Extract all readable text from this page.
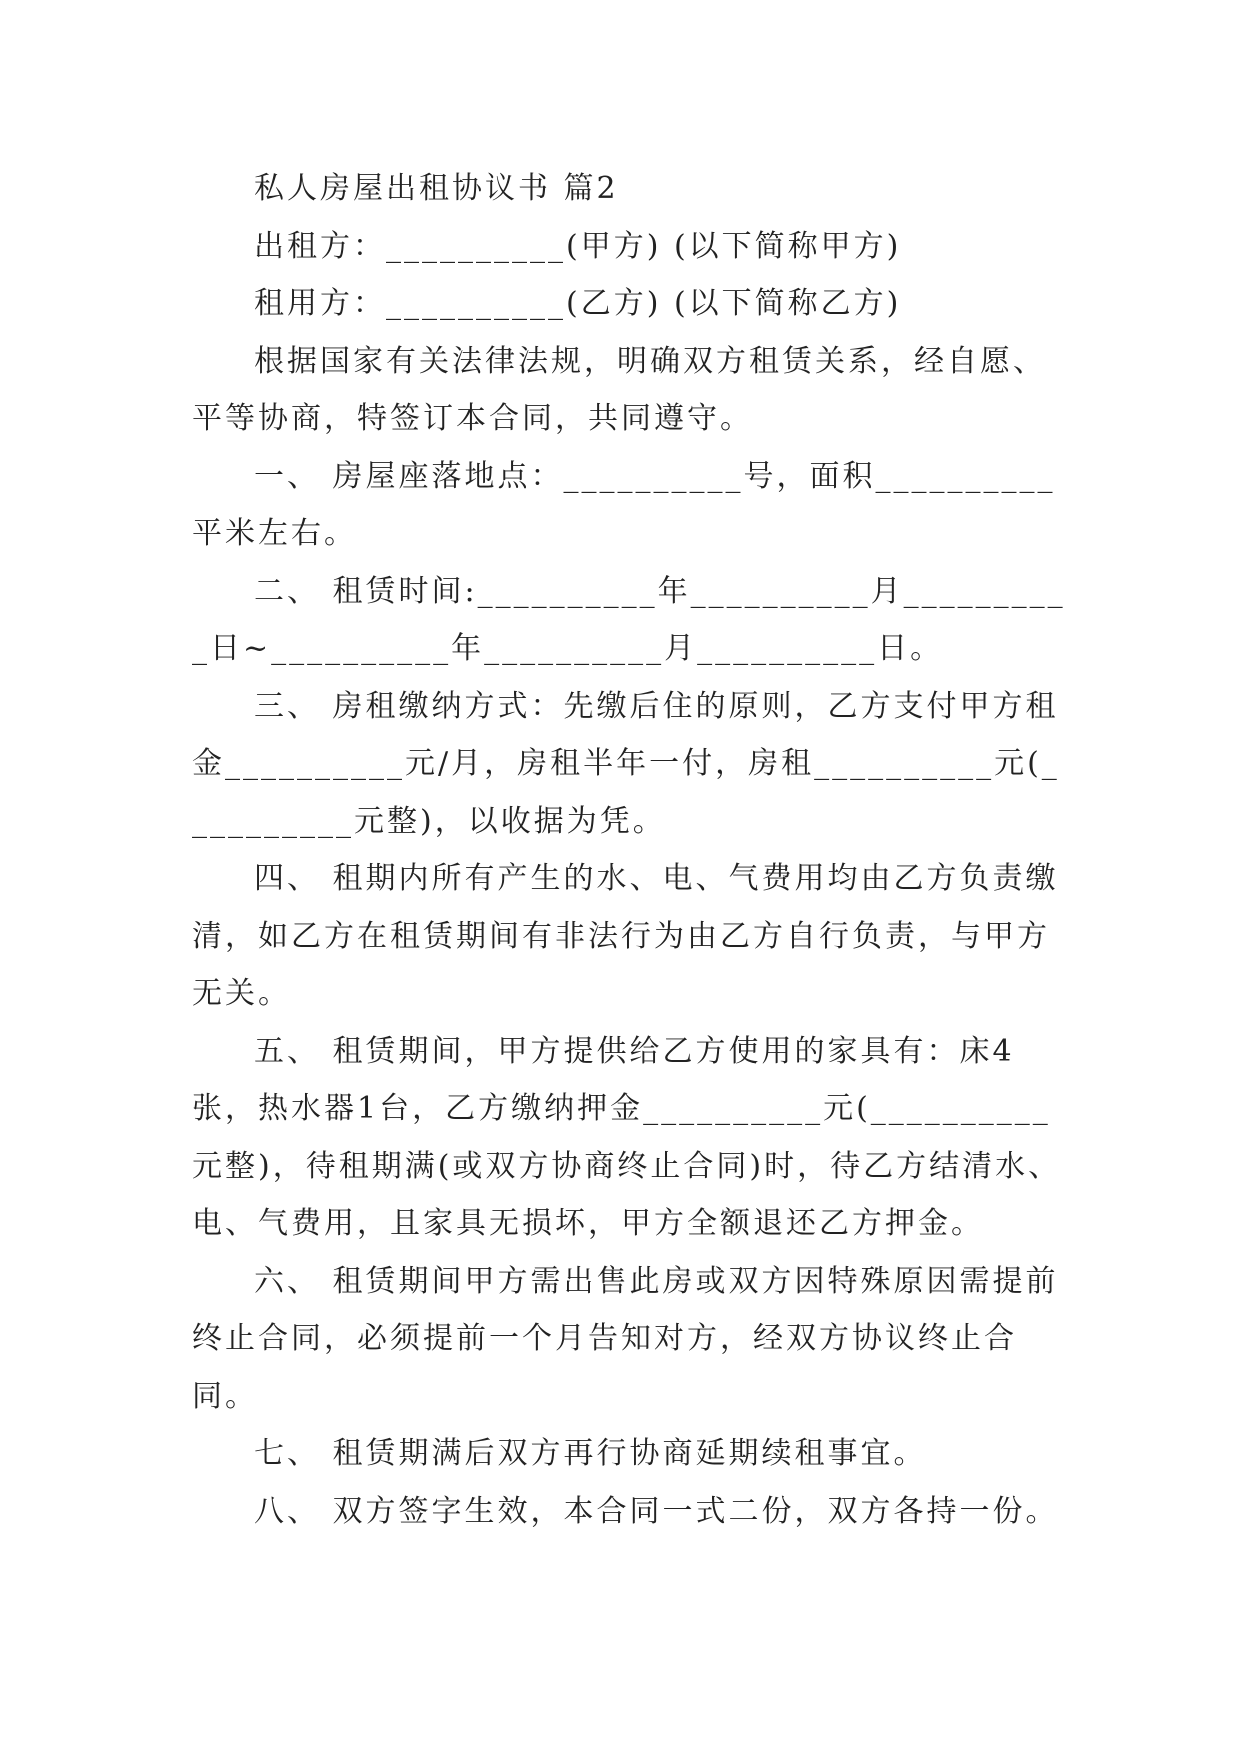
私人房屋出租协议书 篇2

出租方：__________(甲方) (以下简称甲方)

租用方：__________(乙方) (以下简称乙方)

根据国家有关法律法规，明确双方租赁关系，经自愿、平等协商，特签订本合同，共同遵守。

一、 房屋座落地点：__________号，面积__________平米左右。

二、 租赁时间:__________年__________月__________日~__________年__________月__________日。

三、 房租缴纳方式：先缴后住的原则，乙方支付甲方租金__________元/月，房租半年一付，房租__________元(__________元整)，以收据为凭。

四、 租期内所有产生的水、电、气费用均由乙方负责缴清，如乙方在租赁期间有非法行为由乙方自行负责，与甲方无关。

五、 租赁期间，甲方提供给乙方使用的家具有：床4张，热水器1台，乙方缴纳押金__________元(__________元整)，待租期满(或双方协商终止合同)时，待乙方结清水、电、气费用，且家具无损坏，甲方全额退还乙方押金。

六、 租赁期间甲方需出售此房或双方因特殊原因需提前终止合同，必须提前一个月告知对方，经双方协议终止合同。

七、 租赁期满后双方再行协商延期续租事宜。

八、 双方签字生效，本合同一式二份，双方各持一份。
